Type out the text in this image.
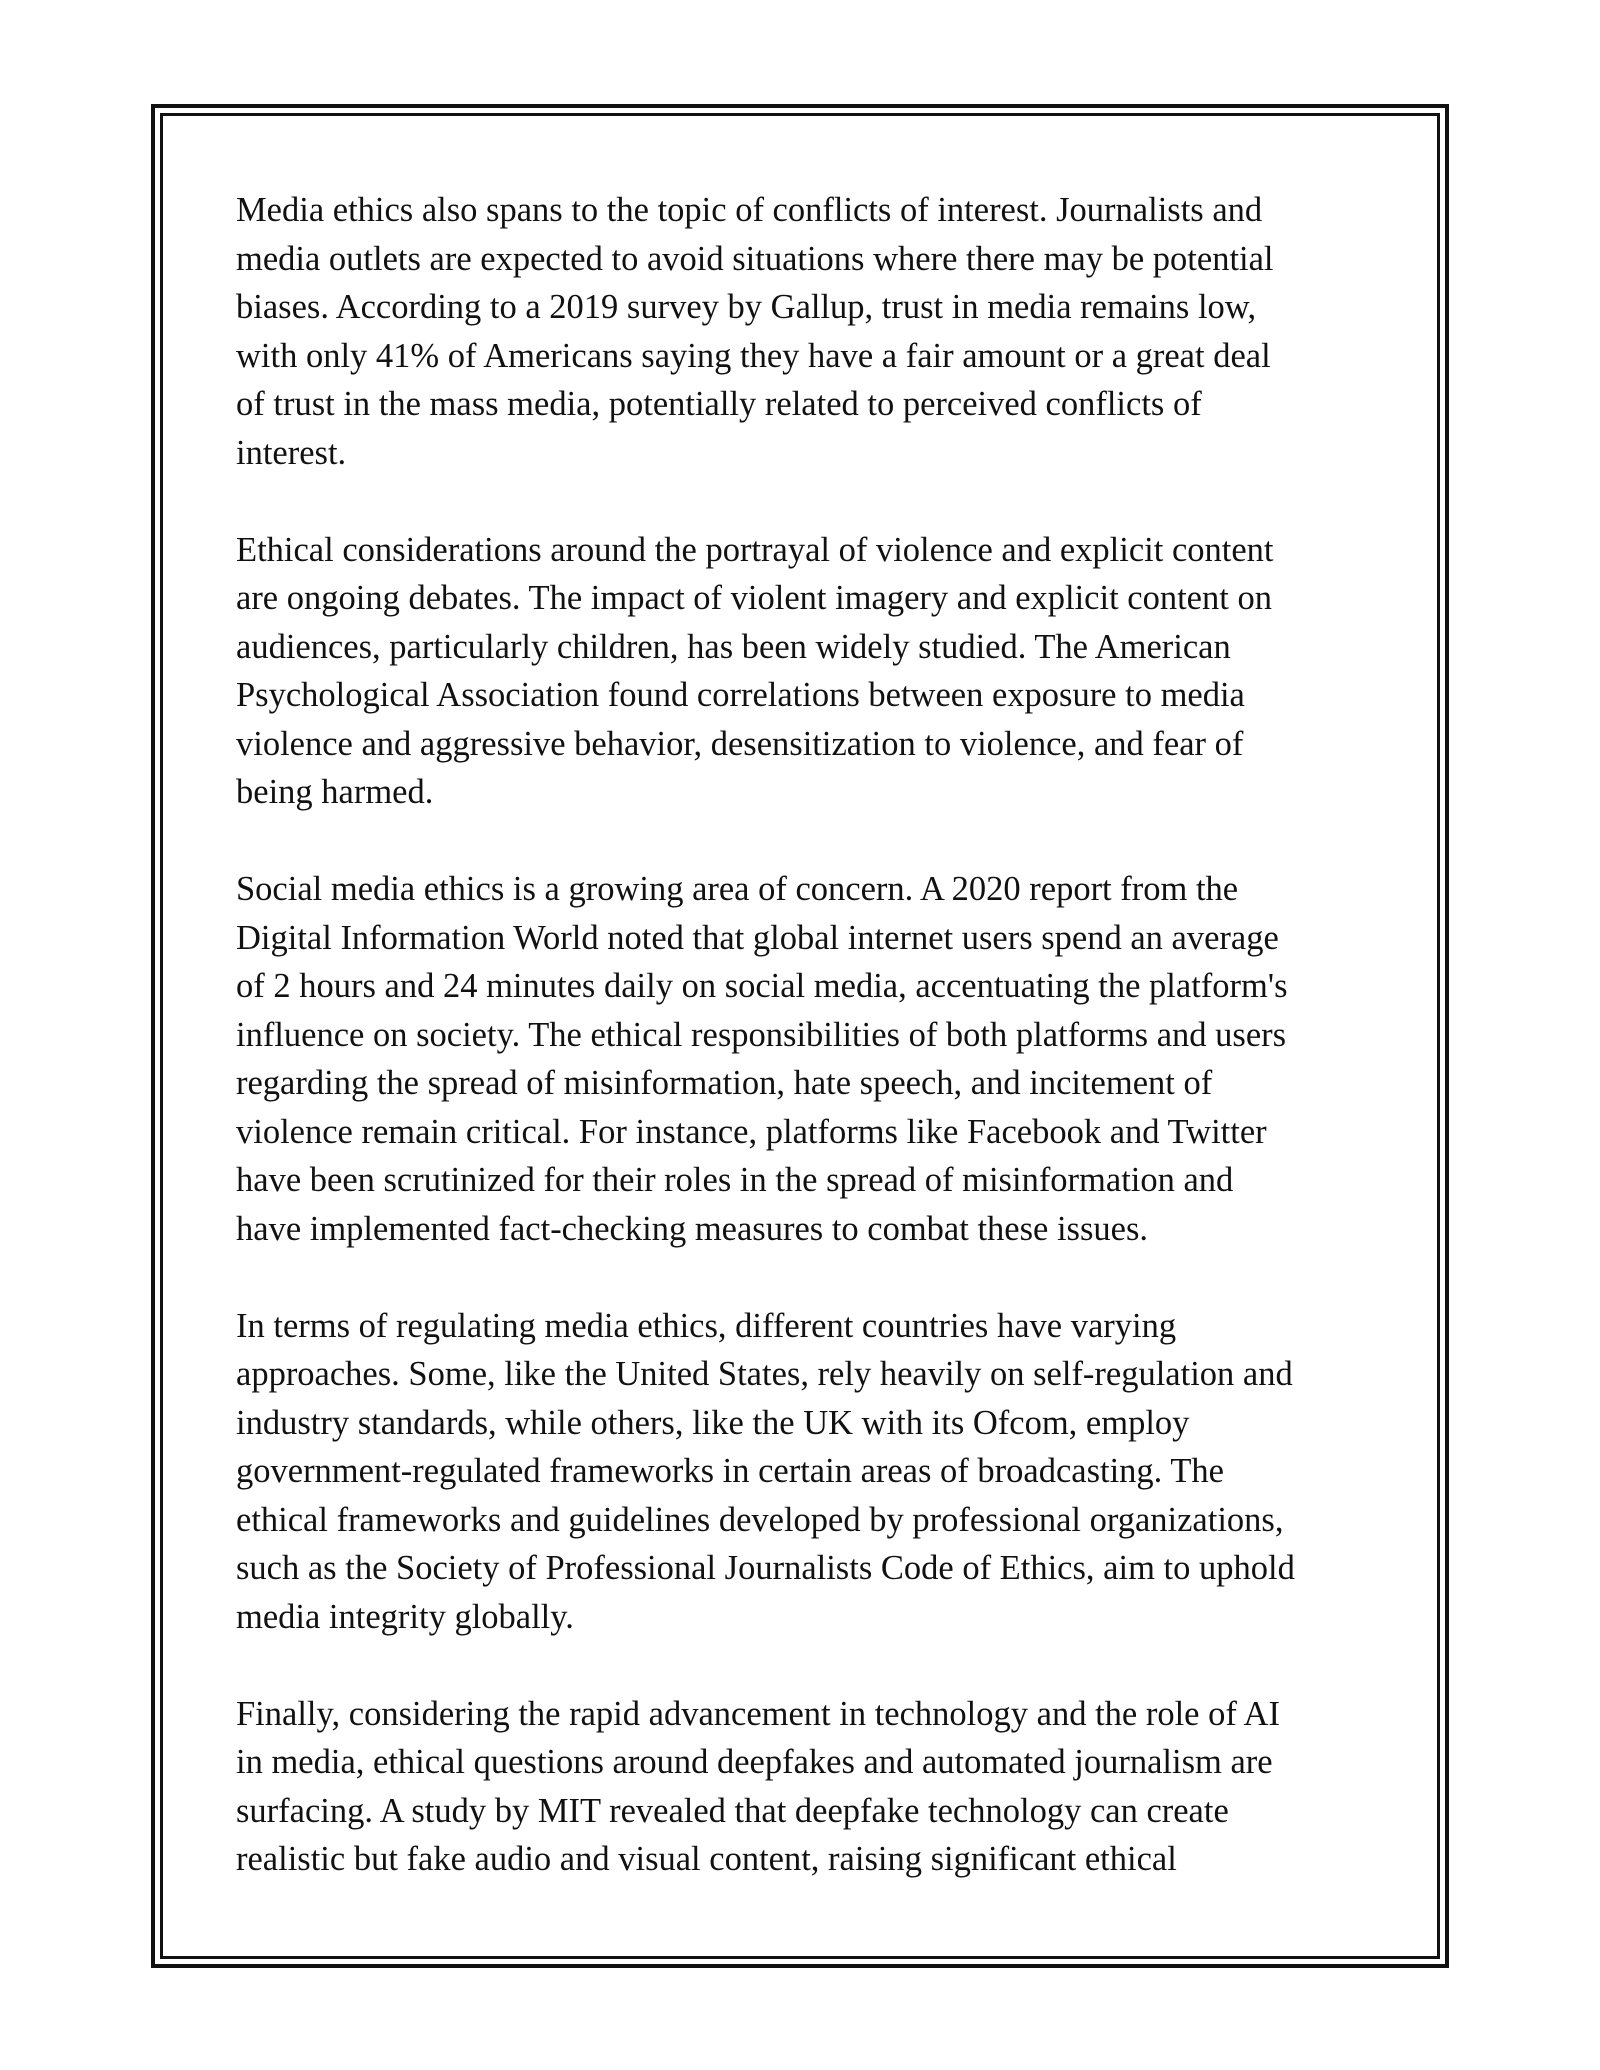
Media ethics also spans to the topic of conflicts of interest. Journalists and
media outlets are expected to avoid situations where there may be potential
biases. According to a 2019 survey by Gallup, trust in media remains low,
with only 41% of Americans saying they have a fair amount or a great deal
of trust in the mass media, potentially related to perceived conflicts of
interest.

Ethical considerations around the portrayal of violence and explicit content
are ongoing debates. The impact of violent imagery and explicit content on
audiences, particularly children, has been widely studied. The American
Psychological Association found correlations between exposure to media
violence and aggressive behavior, desensitization to violence, and fear of
being harmed.

Social media ethics is a growing area of concern. A 2020 report from the
Digital Information World noted that global internet users spend an average
of 2 hours and 24 minutes daily on social media, accentuating the platform's
influence on society. The ethical responsibilities of both platforms and users
regarding the spread of misinformation, hate speech, and incitement of
violence remain critical. For instance, platforms like Facebook and Twitter
have been scrutinized for their roles in the spread of misinformation and
have implemented fact-checking measures to combat these issues.

In terms of regulating media ethics, different countries have varying
approaches. Some, like the United States, rely heavily on self-regulation and
industry standards, while others, like the UK with its Ofcom, employ
government-regulated frameworks in certain areas of broadcasting. The
ethical frameworks and guidelines developed by professional organizations,
such as the Society of Professional Journalists Code of Ethics, aim to uphold
media integrity globally.

Finally, considering the rapid advancement in technology and the role of AI
in media, ethical questions around deepfakes and automated journalism are
surfacing. A study by MIT revealed that deepfake technology can create
realistic but fake audio and visual content, raising significant ethical
